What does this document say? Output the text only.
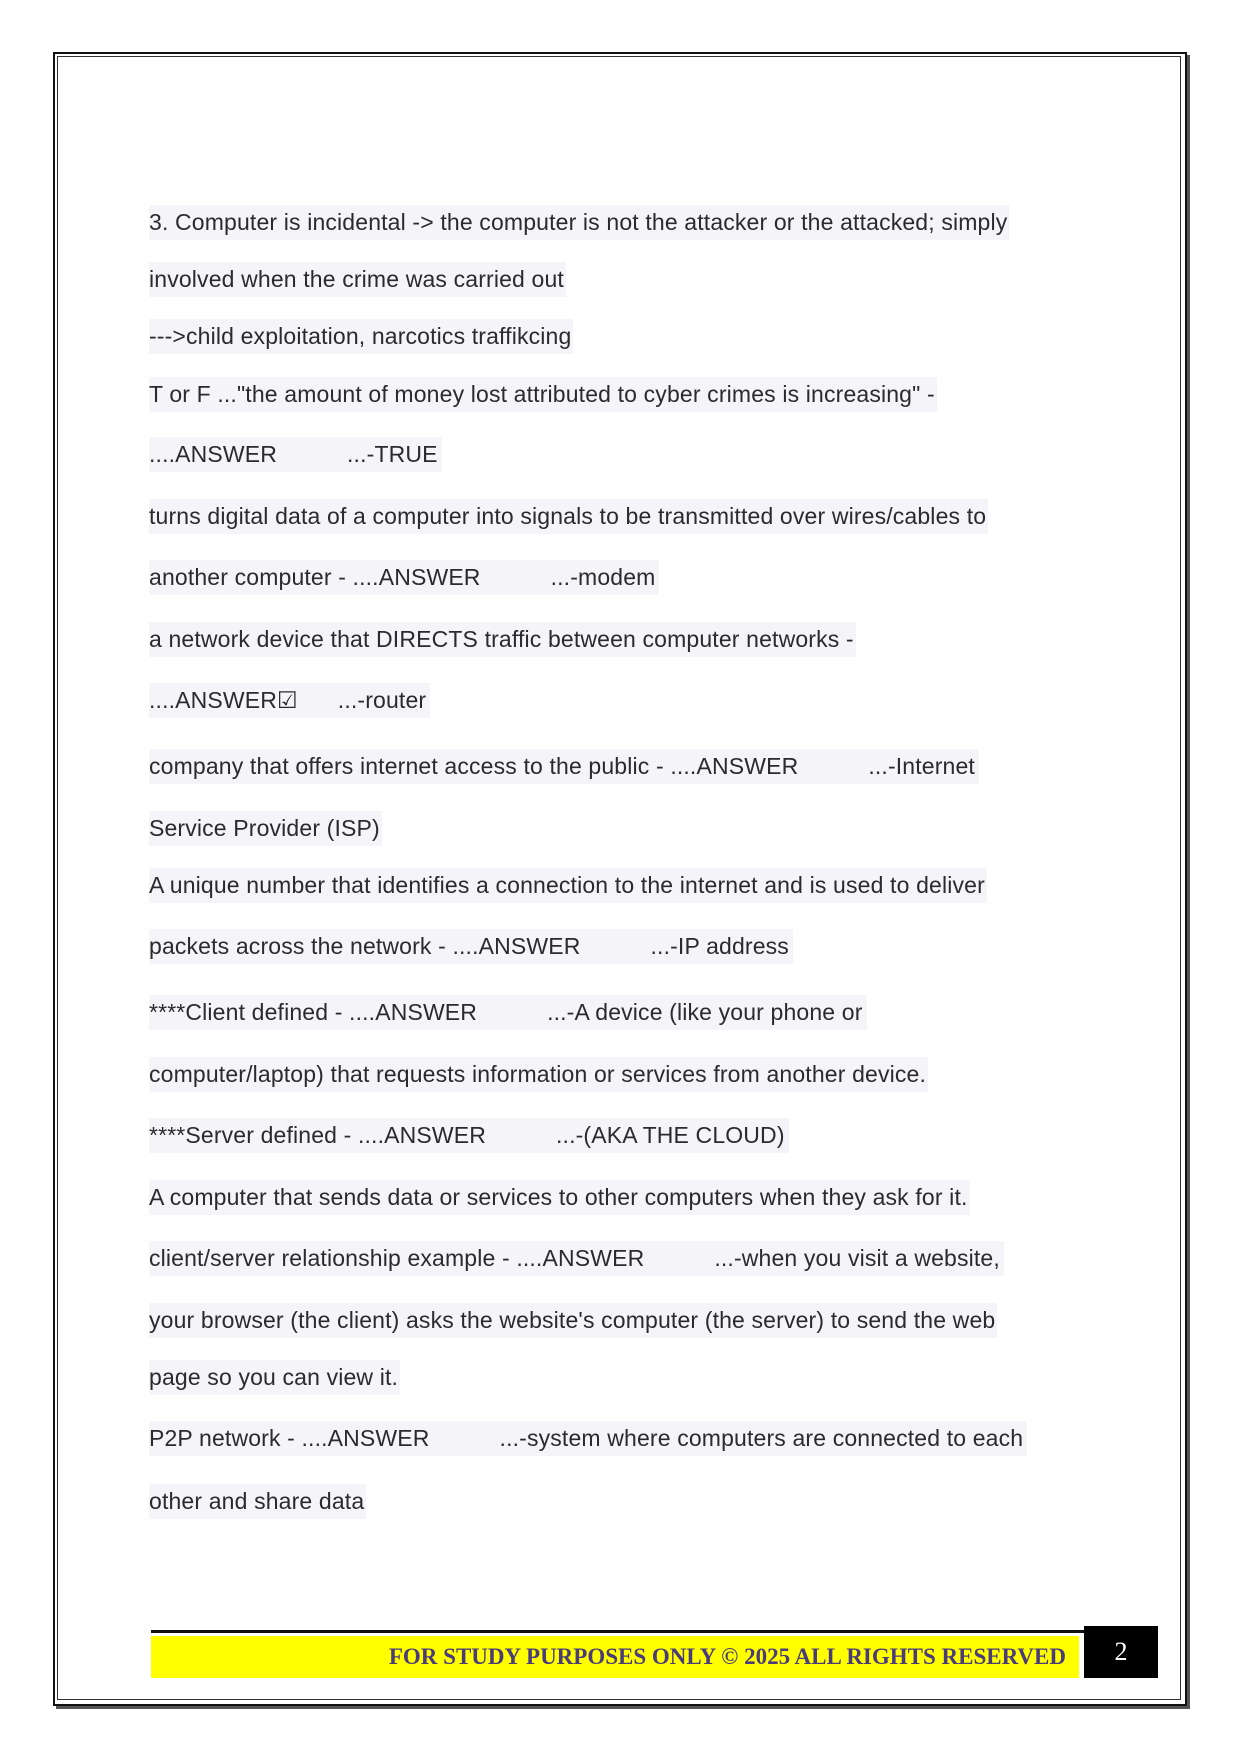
3. Computer is incidental -> the computer is not the attacker or the attacked; simply
involved when the crime was carried out
--->child exploitation, narcotics traffikcing
T or F ..."the amount of money lost attributed to cyber crimes is increasing" -
....ANSWER	...-TRUE
turns digital data of a computer into signals to be transmitted over wires/cables to
another computer - ....ANSWER	...-modem
a network device that DIRECTS traffic between computer networks -
....ANSWER☑ ...-router
company that offers internet access to the public - ....ANSWER	...-Internet
Service Provider (ISP)
A unique number that identifies a connection to the internet and is used to deliver
packets across the network - ....ANSWER	...-IP address
****Client defined - ....ANSWER	...-A device (like your phone or
computer/laptop) that requests information or services from another device.
****Server defined - ....ANSWER	...-(AKA THE CLOUD)
A computer that sends data or services to other computers when they ask for it.
client/server relationship example - ....ANSWER	...-when you visit a website,
your browser (the client) asks the website's computer (the server) to send the web
page so you can view it.
P2P network - ....ANSWER	...-system where computers are connected to each
other and share data
FOR STUDY PURPOSES ONLY © 2025 ALL RIGHTS RESERVED	2
